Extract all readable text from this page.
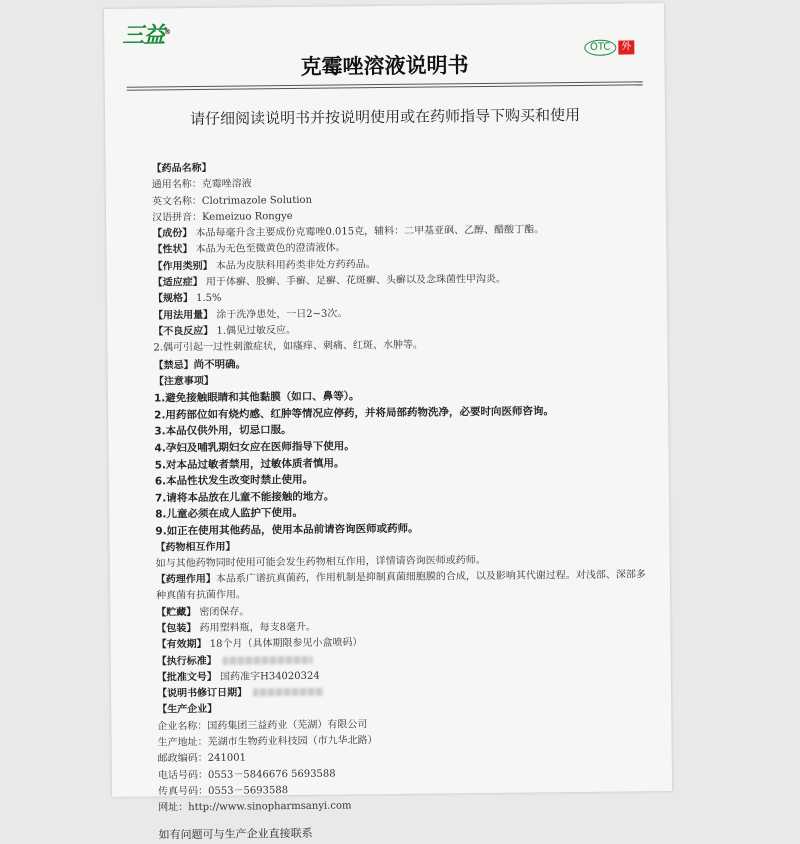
三益®
OTC	外
克霉唑溶液说明书
请仔细阅读说明书并按说明使用或在药师指导下购买和使用
【 药品名称 】
通用名称：克霉唑溶液
英文名称：Clotrimazole Solution
汉语拼音：Kemeizuo Rongye
【 成份 】 本品每毫升含主要成份克霉唑0.015克，辅料：二甲基亚砜、乙醇、醋酸丁酯。
【 性状 】 本品为无色至微黄色的澄清液体。
【 作用类别 】 本品为皮肤科用药类非处方药药品。
【 适应症 】 用于体癣、股癣、手癣、足癣、花斑癣、头癣以及念珠菌性甲沟炎。
【 规格 】 1.5%
【 用法用量 】 涂于洗净患处，一日2~3次。
【 不良反应 】 1.偶见过敏反应。
2.偶可引起一过性刺激症状，如瘙痒、刺痛、红斑、水肿等。
【 禁忌 】 尚不明确。
【 注意事项 】
1.避免接触眼睛和其他黏膜（如口、鼻等）。
2.用药部位如有烧灼感、红肿等情况应停药，并将局部药物洗净，必要时向医师咨询。
3.本品仅供外用，切忌口服。
4.孕妇及哺乳期妇女应在医师指导下使用。
5.对本品过敏者禁用，过敏体质者慎用。
6.本品性状发生改变时禁止使用。
7.请将本品放在儿童不能接触的地方。
8.儿童必须在成人监护下使用。
9.如正在使用其他药品，使用本品前请咨询医师或药师。
【 药物相互作用 】
如与其他药物同时使用可能会发生药物相互作用，详情请咨询医师或药师。
【 药理作用 】 本品系广谱抗真菌药，作用机制是抑制真菌细胞膜的合成，以及影响其代谢过程。对浅部、深部多种真菌有抗菌作用。
【 贮藏 】 密闭保存。
【 包装 】 药用塑料瓶，每支8毫升。
【 有效期 】 18个月（具体期限参见小盒喷码）
【 执行标准 】
【 批准文号 】 国药准字H34020324
【 说明书修订日期 】
【 生产企业 】
企业名称：国药集团三益药业（芜湖）有限公司
生产地址：芜湖市生物药业科技园（市九华北路）
邮政编码：241001
电话号码：0553－5846676 5693588
传真号码：0553－5693588
网址：http://www.sinopharmsanyi.com
如有问题可与生产企业直接联系
